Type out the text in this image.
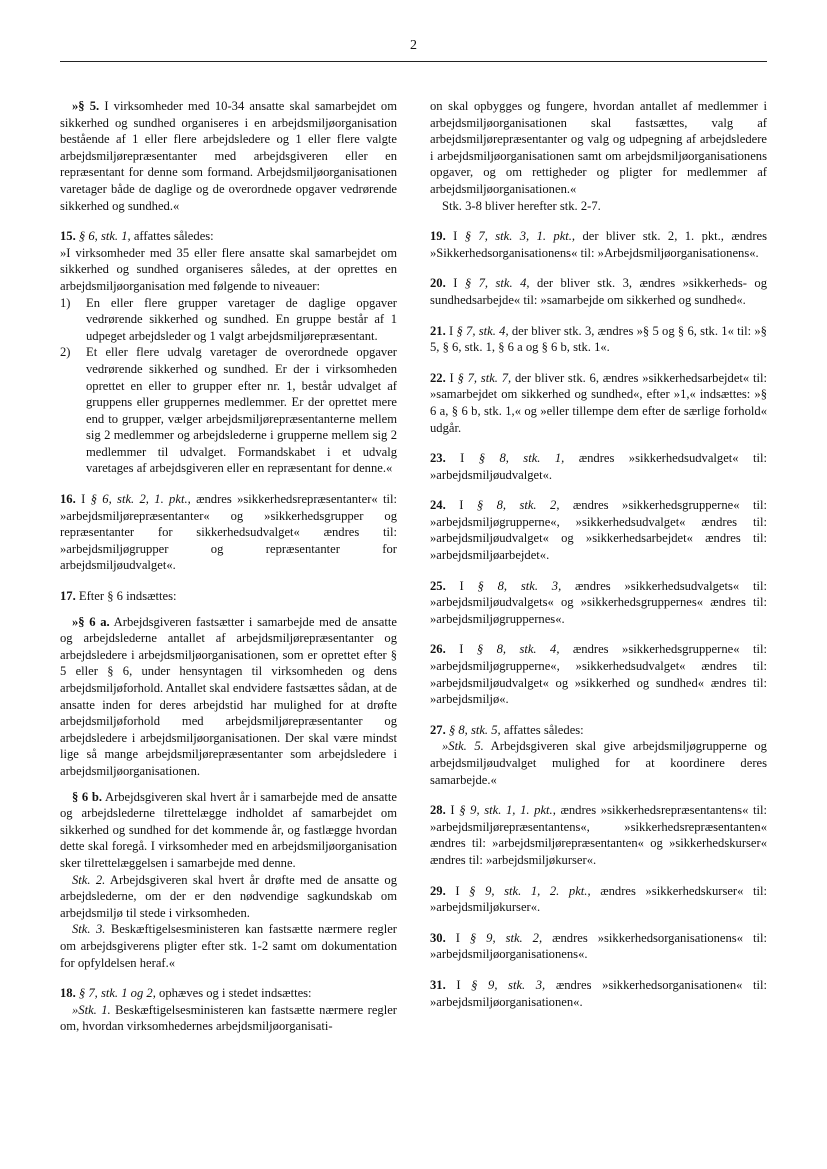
2

»§ 5. I virksomheder med 10-34 ansatte skal samarbejdet om sikkerhed og sundhed organiseres i en arbejdsmiljøorganisation bestående af 1 eller flere arbejdsledere og 1 eller flere valgte arbejdsmiljørepræsentanter med arbejdsgiveren eller en repræsentant for denne som formand. Arbejdsmiljøorganisationen varetager både de daglige og de overordnede opgaver vedrørende sikkerhed og sundhed.«

15. § 6, stk. 1, affattes således:

»I virksomheder med 35 eller flere ansatte skal samarbejdet om sikkerhed og sundhed organiseres således, at der oprettes en arbejdsmiljøorganisation med følgende to niveauer:

1)	En eller flere grupper varetager de daglige opgaver vedrørende sikkerhed og sundhed. En gruppe består af 1 udpeget arbejdsleder og 1 valgt arbejdsmiljørepræsentant.
2)	Et eller flere udvalg varetager de overordnede opgaver vedrørende sikkerhed og sundhed. Er der i virksomheden oprettet en eller to grupper efter nr. 1, består udvalget af gruppens eller gruppernes medlemmer. Er der oprettet mere end to grupper, vælger arbejdsmiljørepræsentanterne mellem sig 2 medlemmer og arbejdslederne i grupperne mellem sig 2 medlemmer til udvalget. Formandskabet i et udvalg varetages af arbejdsgiveren eller en repræsentant for denne.«

16. I § 6, stk. 2, 1. pkt., ændres »sikkerhedsrepræsentanter« til: »arbejdsmiljørepræsentanter« og »sikkerhedsgrupper og repræsentanter for sikkerhedsudvalget« ændres til: »arbejdsmiljøgrupper og repræsentanter for arbejdsmiljøudvalget«.

17. Efter § 6 indsættes:

»§ 6 a. Arbejdsgiveren fastsætter i samarbejde med de ansatte og arbejdslederne antallet af arbejdsmiljørepræsentanter og arbejdsledere i arbejdsmiljøorganisationen, som er oprettet efter § 5 eller § 6, under hensyntagen til virksomheden og dens arbejdsmiljøforhold. Antallet skal endvidere fastsættes sådan, at de ansatte inden for deres arbejdstid har mulighed for at drøfte arbejdsmiljøforhold med arbejdsmiljørepræsentanter og arbejdsledere i arbejdsmiljøorganisationen. Der skal være mindst lige så mange arbejdsmiljørepræsentanter som arbejdsledere i arbejdsmiljøorganisationen.

§ 6 b. Arbejdsgiveren skal hvert år i samarbejde med de ansatte og arbejdslederne tilrettelægge indholdet af samarbejdet om sikkerhed og sundhed for det kommende år, og fastlægge hvordan dette skal foregå. I virksomheder med en arbejdsmiljøorganisation sker tilrettelæggelsen i samarbejde med denne.

Stk. 2. Arbejdsgiveren skal hvert år drøfte med de ansatte og arbejdslederne, om der er den nødvendige sagkundskab om arbejdsmiljø til stede i virksomheden.

Stk. 3. Beskæftigelsesministeren kan fastsætte nærmere regler om arbejdsgiverens pligter efter stk. 1-2 samt om dokumentation for opfyldelsen heraf.«

18. § 7, stk. 1 og 2, ophæves og i stedet indsættes:

»Stk. 1. Beskæftigelsesministeren kan fastsætte nærmere regler om, hvordan virksomhedernes arbejdsmiljøorganisati-

on skal opbygges og fungere, hvordan antallet af medlemmer i arbejdsmiljøorganisationen skal fastsættes, valg af arbejdsmiljørepræsentanter og valg og udpegning af arbejdsledere i arbejdsmiljøorganisationen samt om arbejdsmiljøorganisationens opgaver, og om rettigheder og pligter for medlemmer af arbejdsmiljøorganisationen.«

Stk. 3-8 bliver herefter stk. 2-7.

19. I § 7, stk. 3, 1. pkt., der bliver stk. 2, 1. pkt., ændres »Sikkerhedsorganisationens« til: »Arbejdsmiljøorganisationens«.

20. I § 7, stk. 4, der bliver stk. 3, ændres »sikkerheds- og sundhedsarbejde« til: »samarbejde om sikkerhed og sundhed«.

21. I § 7, stk. 4, der bliver stk. 3, ændres »§ 5 og § 6, stk. 1« til: »§ 5, § 6, stk. 1, § 6 a og § 6 b, stk. 1«.

22. I § 7, stk. 7, der bliver stk. 6, ændres »sikkerhedsarbejdet« til: »samarbejdet om sikkerhed og sundhed«, efter »1,« indsættes: »§ 6 a, § 6 b, stk. 1,« og »eller tillempe dem efter de særlige forhold« udgår.

23. I § 8, stk. 1, ændres »sikkerhedsudvalget« til: »arbejdsmiljøudvalget«.

24. I § 8, stk. 2, ændres »sikkerhedsgrupperne« til: »arbejdsmiljøgrupperne«, »sikkerhedsudvalget« ændres til: »arbejdsmiljøudvalget« og »sikkerhedsarbejdet« ændres til: »arbejdsmiljøarbejdet«.

25. I § 8, stk. 3, ændres »sikkerhedsudvalgets« til: »arbejdsmiljøudvalgets« og »sikkerhedsgruppernes« ændres til: »arbejdsmiljøgruppernes«.

26. I § 8, stk. 4, ændres »sikkerhedsgrupperne« til: »arbejdsmiljøgrupperne«, »sikkerhedsudvalget« ændres til: »arbejdsmiljøudvalget« og »sikkerhed og sundhed« ændres til: »arbejdsmiljø«.

27. § 8, stk. 5, affattes således:

»Stk. 5. Arbejdsgiveren skal give arbejdsmiljøgrupperne og arbejdsmiljøudvalget mulighed for at koordinere deres samarbejde.«

28. I § 9, stk. 1, 1. pkt., ændres »sikkerhedsrepræsentantens« til: »arbejdsmiljørepræsentantens«, »sikkerhedsrepræsentanten« ændres til: »arbejdsmiljørepræsentanten« og »sikkerhedskurser« ændres til: »arbejdsmiljøkurser«.

29. I § 9, stk. 1, 2. pkt., ændres »sikkerhedskurser« til: »arbejdsmiljøkurser«.

30. I § 9, stk. 2, ændres »sikkerhedsorganisationens« til: »arbejdsmiljøorganisationens«.

31. I § 9, stk. 3, ændres »sikkerhedsorganisationen« til: »arbejdsmiljøorganisationen«.
